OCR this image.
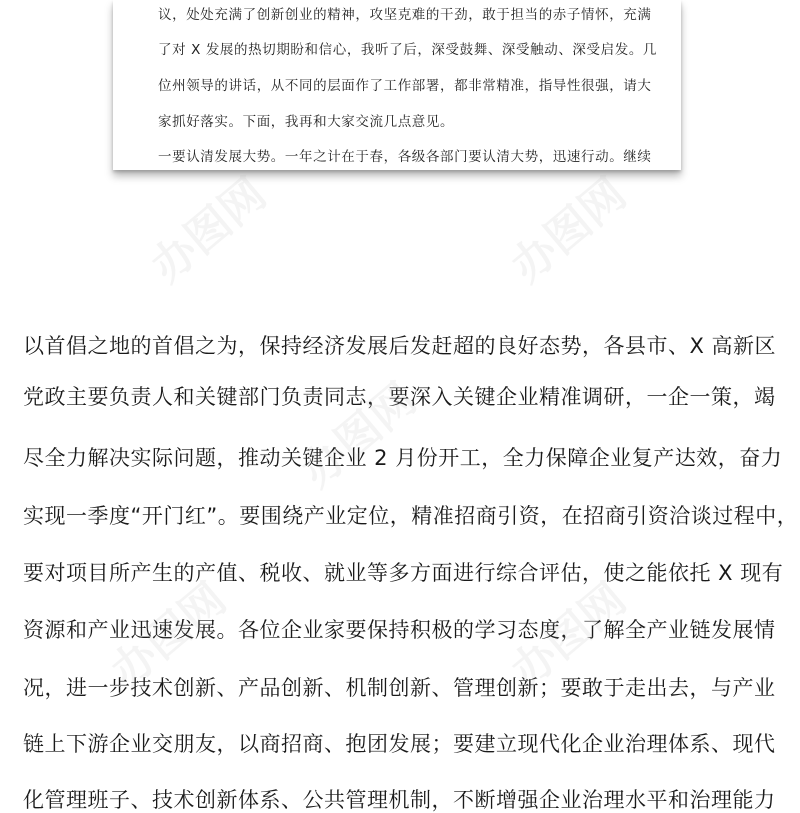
议，处处充满了创新创业的精神，攻坚克难的干劲，敢于担当的赤子情怀，充满
了对 X 发展的热切期盼和信心，我听了后，深受鼓舞、深受触动、深受启发。几
位州领导的讲话，从不同的层面作了工作部署，都非常精准，指导性很强，请大
家抓好落实。下面，我再和大家交流几点意见。
一要认清发展大势。一年之计在于春，各级各部门要认清大势，迅速行动。继续
以首倡之地的首倡之为，保持经济发展后发赶超的良好态势，各县市、X 高新区
党政主要负责人和关键部门负责同志，要深入关键企业精准调研，一企一策，竭
尽全力解决实际问题，推动关键企业 2 月份开工，全力保障企业复产达效，奋力
实现一季度“开门红”。要围绕产业定位，精准招商引资，在招商引资洽谈过程中，
要对项目所产生的产值、税收、就业等多方面进行综合评估，使之能依托 X 现有
资源和产业迅速发展。各位企业家要保持积极的学习态度，了解全产业链发展情
况，进一步技术创新、产品创新、机制创新、管理创新；要敢于走出去，与产业
链上下游企业交朋友，以商招商、抱团发展；要建立现代化企业治理体系、现代
化管理班子、技术创新体系、公共管理机制，不断增强企业治理水平和治理能力
办图网	办图网
办图网
办图网	办图网
